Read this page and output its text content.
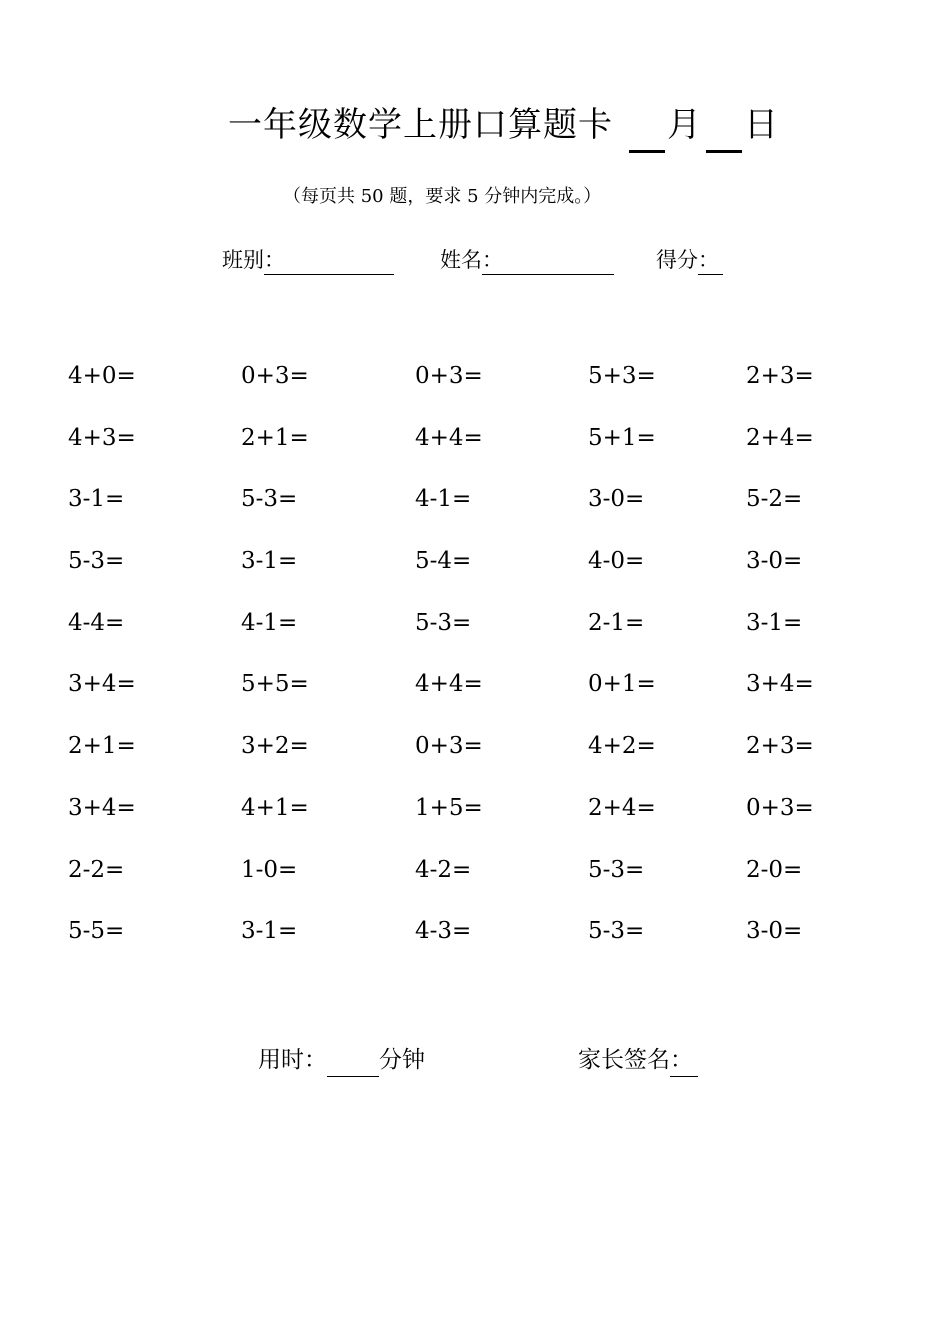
一年级数学上册口算题卡 月 日
（每页共 50 题，要求 5 分钟内完成。）
班别：	姓名：	得分：
4+0=	0+3=	0+3=	5+3=	2+3=
4+3=	2+1=	4+4=	5+1=	2+4=
3-1=	5-3=	4-1=	3-0=	5-2=
5-3=	3-1=	5-4=	4-0=	3-0=
4-4=	4-1=	5-3=	2-1=	3-1=
3+4=	5+5=	4+4=	0+1=	3+4=
2+1=	3+2=	0+3=	4+2=	2+3=
3+4=	4+1=	1+5=	2+4=	0+3=
2-2=	1-0=	4-2=	5-3=	2-0=
5-5=	3-1=	4-3=	5-3=	3-0=
用时： 分钟	家长签名：
